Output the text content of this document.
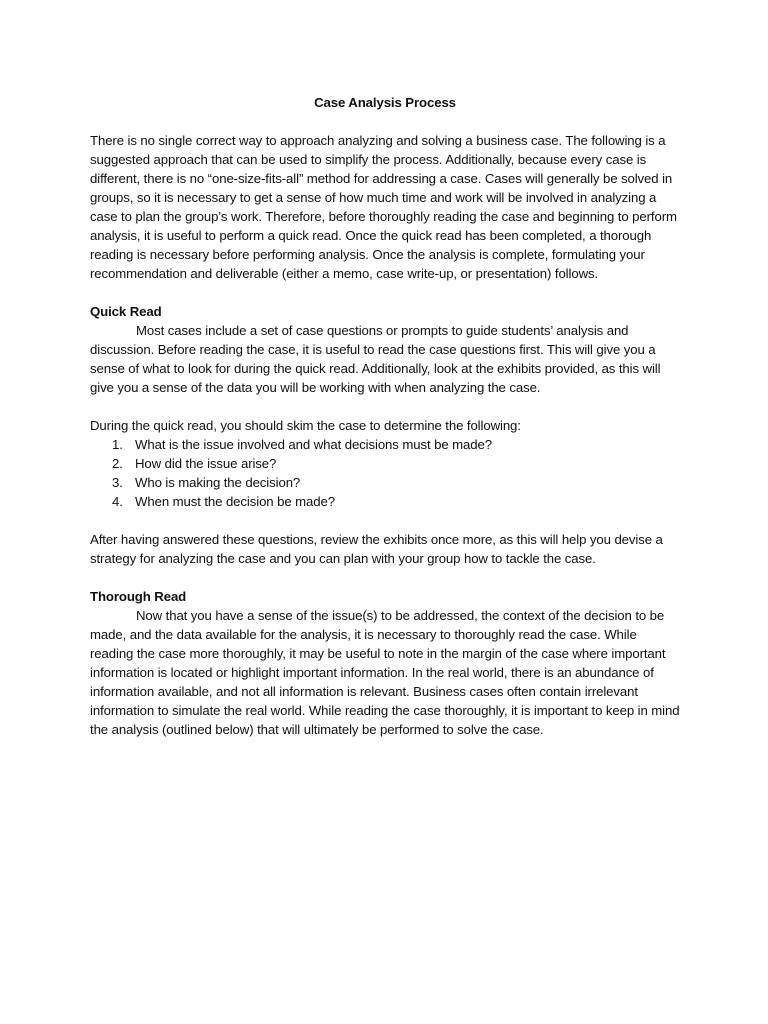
Case Analysis Process

There is no single correct way to approach analyzing and solving a business case. The following is a suggested approach that can be used to simplify the process. Additionally, because every case is different, there is no “one-size-fits-all” method for addressing a case. Cases will generally be solved in groups, so it is necessary to get a sense of how much time and work will be involved in analyzing a case to plan the group’s work. Therefore, before thoroughly reading the case and beginning to perform analysis, it is useful to perform a quick read. Once the quick read has been completed, a thorough reading is necessary before performing analysis. Once the analysis is complete, formulating your recommendation and deliverable (either a memo, case write-up, or presentation) follows.

Quick Read

Most cases include a set of case questions or prompts to guide students’ analysis and discussion. Before reading the case, it is useful to read the case questions first. This will give you a sense of what to look for during the quick read. Additionally, look at the exhibits provided, as this will give you a sense of the data you will be working with when analyzing the case.

During the quick read, you should skim the case to determine the following:

1. What is the issue involved and what decisions must be made?
2. How did the issue arise?
3. Who is making the decision?
4. When must the decision be made?

After having answered these questions, review the exhibits once more, as this will help you devise a strategy for analyzing the case and you can plan with your group how to tackle the case.

Thorough Read

Now that you have a sense of the issue(s) to be addressed, the context of the decision to be made, and the data available for the analysis, it is necessary to thoroughly read the case. While reading the case more thoroughly, it may be useful to note in the margin of the case where important information is located or highlight important information. In the real world, there is an abundance of information available, and not all information is relevant. Business cases often contain irrelevant information to simulate the real world. While reading the case thoroughly, it is important to keep in mind the analysis (outlined below) that will ultimately be performed to solve the case.
